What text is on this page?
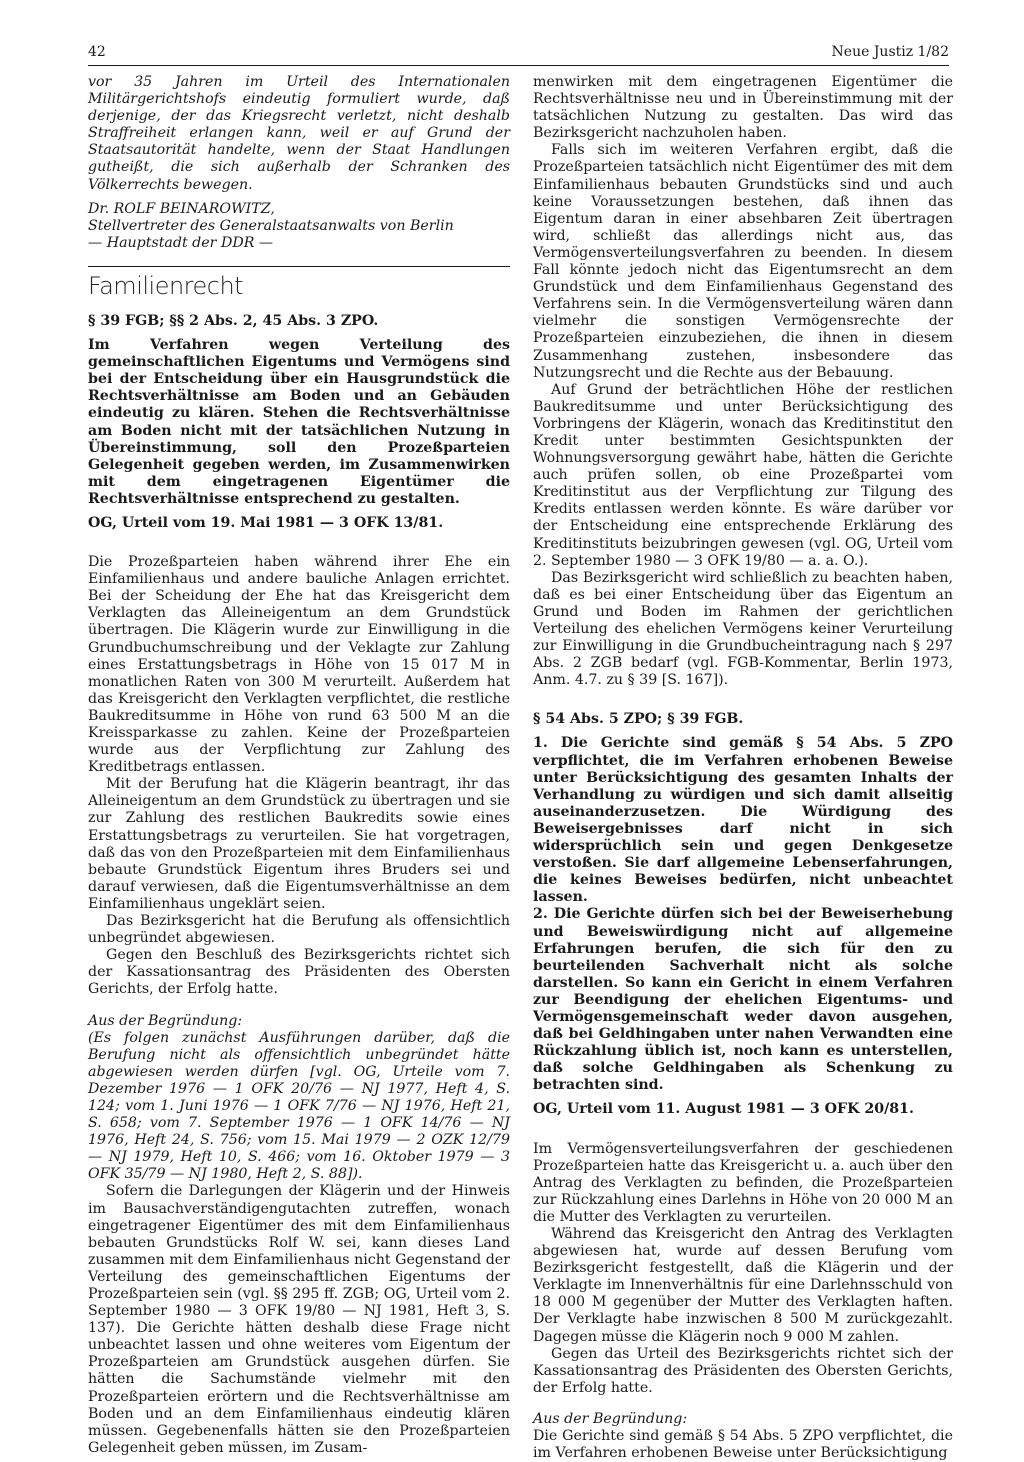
42	Neue Justiz 1/82

vor 35 Jahren im Urteil des Internationalen Militärgerichtshofs eindeutig formuliert wurde, daß derjenige, der das Kriegsrecht verletzt, nicht deshalb Straffreiheit erlangen kann, weil er auf Grund der Staatsautorität handelte, wenn der Staat Handlungen gutheißt, die sich außerhalb der Schranken des Völkerrechts bewegen.

Dr. ROLF BEINAROWITZ,

Stellvertreter des Generalstaatsanwalts von Berlin

— Hauptstadt der DDR —

Familienrecht

§ 39 FGB; §§ 2 Abs. 2, 45 Abs. 3 ZPO.

Im Verfahren wegen Verteilung des gemeinschaftlichen Eigentums und Vermögens sind bei der Entscheidung über ein Hausgrundstück die Rechtsverhältnisse am Boden und an Gebäuden eindeutig zu klären. Stehen die Rechtsverhältnisse am Boden nicht mit der tatsächlichen Nutzung in Übereinstimmung, soll den Prozeßparteien Gelegenheit gegeben werden, im Zusammenwirken mit dem eingetragenen Eigentümer die Rechtsverhältnisse entsprechend zu gestalten.

OG, Urteil vom 19. Mai 1981 — 3 OFK 13/81.

Die Prozeßparteien haben während ihrer Ehe ein Einfamilienhaus und andere bauliche Anlagen errichtet. Bei der Scheidung der Ehe hat das Kreisgericht dem Verklagten das Alleineigentum an dem Grundstück übertragen. Die Klägerin wurde zur Einwilligung in die Grundbuchumschreibung und der Veklagte zur Zahlung eines Erstattungsbetrags in Höhe von 15 017 M in monatlichen Raten von 300 M verurteilt. Außerdem hat das Kreisgericht den Verklagten verpflichtet, die restliche Baukreditsumme in Höhe von rund 63 500 M an die Kreissparkasse zu zahlen. Keine der Prozeßparteien wurde aus der Verpflichtung zur Zahlung des Kreditbetrags entlassen.

Mit der Berufung hat die Klägerin beantragt, ihr das Alleineigentum an dem Grundstück zu übertragen und sie zur Zahlung des restlichen Baukredits sowie eines Erstattungsbetrags zu verurteilen. Sie hat vorgetragen, daß das von den Prozeßparteien mit dem Einfamilienhaus bebaute Grundstück Eigentum ihres Bruders sei und darauf verwiesen, daß die Eigentumsverhältnisse an dem Einfamilienhaus ungeklärt seien.

Das Bezirksgericht hat die Berufung als offensichtlich unbegründet abgewiesen.

Gegen den Beschluß des Bezirksgerichts richtet sich der Kassationsantrag des Präsidenten des Obersten Gerichts, der Erfolg hatte.

Aus der Begründung:

(Es folgen zunächst Ausführungen darüber, daß die Berufung nicht als offensichtlich unbegründet hätte abgewiesen werden dürfen [vgl. OG, Urteile vom 7. Dezember 1976 — 1 OFK 20/76 — NJ 1977, Heft 4, S. 124; vom 1. Juni 1976 — 1 OFK 7/76 — NJ 1976, Heft 21, S. 658; vom 7. September 1976 — 1 OFK 14/76 — NJ 1976, Heft 24, S. 756; vom 15. Mai 1979 — 2 OZK 12/79 — NJ 1979, Heft 10, S. 466; vom 16. Oktober 1979 — 3 OFK 35/79 — NJ 1980, Heft 2, S. 88]).

Sofern die Darlegungen der Klägerin und der Hinweis im Bausachverständigengutachten zutreffen, wonach eingetragener Eigentümer des mit dem Einfamilienhaus bebauten Grundstücks Rolf W. sei, kann dieses Land zusammen mit dem Einfamilienhaus nicht Gegenstand der Verteilung des gemeinschaftlichen Eigentums der Prozeßparteien sein (vgl. §§ 295 ff. ZGB; OG, Urteil vom 2. September 1980 — 3 OFK 19/80 — NJ 1981, Heft 3, S. 137). Die Gerichte hätten deshalb diese Frage nicht unbeachtet lassen und ohne weiteres vom Eigentum der Prozeßparteien am Grundstück ausgehen dürfen. Sie hätten die Sachumstände vielmehr mit den Prozeßparteien erörtern und die Rechtsverhältnisse am Boden und an dem Einfamilienhaus eindeutig klären müssen. Gegebenenfalls hätten sie den Prozeßparteien Gelegenheit geben müssen, im Zusam-

menwirken mit dem eingetragenen Eigentümer die Rechtsverhältnisse neu und in Übereinstimmung mit der tatsächlichen Nutzung zu gestalten. Das wird das Bezirksgericht nachzuholen haben.

Falls sich im weiteren Verfahren ergibt, daß die Prozeßparteien tatsächlich nicht Eigentümer des mit dem Einfamilienhaus bebauten Grundstücks sind und auch keine Voraussetzungen bestehen, daß ihnen das Eigentum daran in einer absehbaren Zeit übertragen wird, schließt das allerdings nicht aus, das Vermögensverteilungsverfahren zu beenden. In diesem Fall könnte jedoch nicht das Eigentumsrecht an dem Grundstück und dem Einfamilienhaus Gegenstand des Verfahrens sein. In die Vermögensverteilung wären dann vielmehr die sonstigen Vermögensrechte der Prozeßparteien einzubeziehen, die ihnen in diesem Zusammenhang zustehen, insbesondere das Nutzungsrecht und die Rechte aus der Bebauung.

Auf Grund der beträchtlichen Höhe der restlichen Baukreditsumme und unter Berücksichtigung des Vorbringens der Klägerin, wonach das Kreditinstitut den Kredit unter bestimmten Gesichtspunkten der Wohnungsversorgung gewährt habe, hätten die Gerichte auch prüfen sollen, ob eine Prozeßpartei vom Kreditinstitut aus der Verpflichtung zur Tilgung des Kredits entlassen werden könnte. Es wäre darüber vor der Entscheidung eine entsprechende Erklärung des Kreditinstituts beizubringen gewesen (vgl. OG, Urteil vom 2. September 1980 — 3 OFK 19/80 — a. a. O.).

Das Bezirksgericht wird schließlich zu beachten haben, daß es bei einer Entscheidung über das Eigentum an Grund und Boden im Rahmen der gerichtlichen Verteilung des ehelichen Vermögens keiner Verurteilung zur Einwilligung in die Grundbucheintragung nach § 297 Abs. 2 ZGB bedarf (vgl. FGB-Kommentar, Berlin 1973, Anm. 4.7. zu § 39 [S. 167]).

§ 54 Abs. 5 ZPO; § 39 FGB.

1. Die Gerichte sind gemäß § 54 Abs. 5 ZPO verpflichtet, die im Verfahren erhobenen Beweise unter Berücksichtigung des gesamten Inhalts der Verhandlung zu würdigen und sich damit allseitig auseinanderzusetzen. Die Würdigung des Beweisergebnisses darf nicht in sich widersprüchlich sein und gegen Denkgesetze verstoßen. Sie darf allgemeine Lebenserfahrungen, die keines Beweises bedürfen, nicht unbeachtet lassen.

2. Die Gerichte dürfen sich bei der Beweiserhebung und Beweiswürdigung nicht auf allgemeine Erfahrungen berufen, die sich für den zu beurteilenden Sachverhalt nicht als solche darstellen. So kann ein Gericht in einem Verfahren zur Beendigung der ehelichen Eigentums- und Vermögensgemeinschaft weder davon ausgehen, daß bei Geldhingaben unter nahen Verwandten eine Rückzahlung üblich ist, noch kann es unterstellen, daß solche Geldhingaben als Schenkung zu betrachten sind.

OG, Urteil vom 11. August 1981 — 3 OFK 20/81.

Im Vermögensverteilungsverfahren der geschiedenen Prozeßparteien hatte das Kreisgericht u. a. auch über den Antrag des Verklagten zu befinden, die Prozeßparteien zur Rückzahlung eines Darlehns in Höhe von 20 000 M an die Mutter des Verklagten zu verurteilen.

Während das Kreisgericht den Antrag des Verklagten abgewiesen hat, wurde auf dessen Berufung vom Bezirksgericht festgestellt, daß die Klägerin und der Verklagte im Innenverhältnis für eine Darlehnsschuld von 18 000 M gegenüber der Mutter des Verklagten haften. Der Verklagte habe inzwischen 8 500 M zurückgezahlt. Dagegen müsse die Klägerin noch 9 000 M zahlen.

Gegen das Urteil des Bezirksgerichts richtet sich der Kassationsantrag des Präsidenten des Obersten Gerichts, der Erfolg hatte.

Aus der Begründung:

Die Gerichte sind gemäß § 54 Abs. 5 ZPO verpflichtet, die im Verfahren erhobenen Beweise unter Berücksichtigung
